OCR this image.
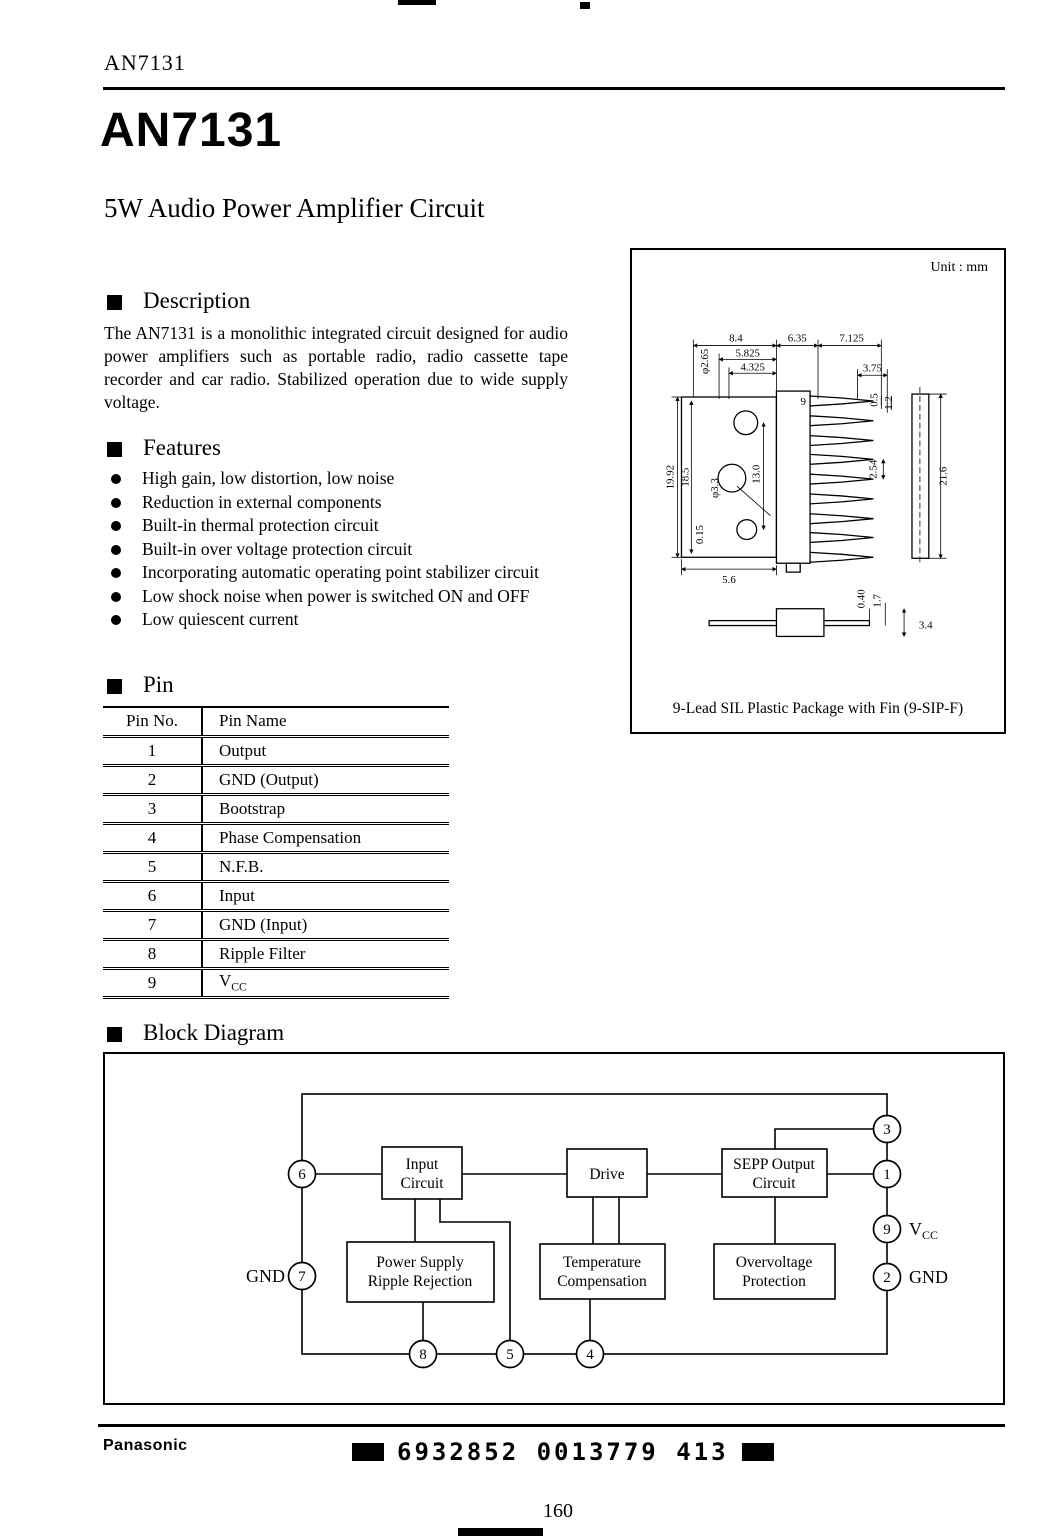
AN7131
AN7131
5W Audio Power Amplifier Circuit
Description
The AN7131 is a monolithic integrated circuit designed for audio power amplifiers such as portable radio, radio cassette tape recorder and car radio. Stabilized operation due to wide supply voltage.
Features
High gain, low distortion, low noise
Reduction in external components
Built-in thermal protection circuit
Built-in over voltage protection circuit
Incorporating automatic operating point stabilizer circuit
Low shock noise when power is switched ON and OFF
Low quiescent current
Pin
Pin No.	Pin Name
1	Output
2	GND (Output)
3	Bootstrap
4	Phase Compensation
5	N.F.B.
6	Input
7	GND (Input)
8	Ripple Filter
9	$V_{CC}$
9
8.4	6.35	7.125
5.825
4.325	3.75
φ2.65
19.92 18.5	13.0
φ3.3
0.15
0.5 1.2
2.54	21.6
5.6
0.40 1.7
3.4
Unit : mm
9-Lead SIL Plastic Package with Fin (9-SIP-F)
Block Diagram
Input
Circuit
Drive
SEPP Output
Circuit
Power Supply
Ripple Rejection
Temperature
Compensation
Overvoltage
Protection
6
7
8	5	4
3
1
9
2
GND
$V_{CC}$
GND
Panasonic	6932852 0013779 413
160
